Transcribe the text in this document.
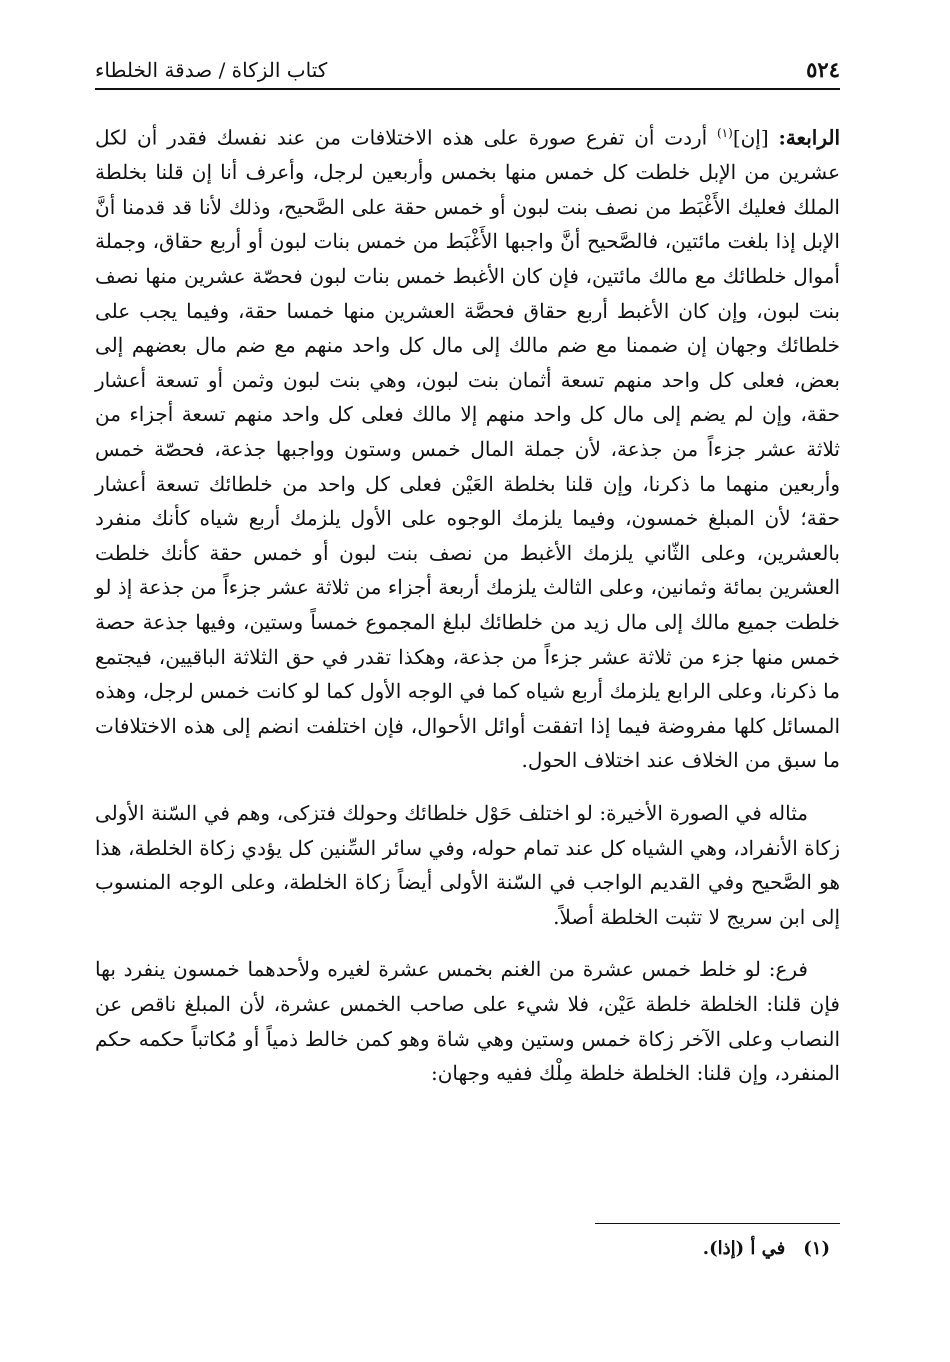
٥٢٤
كتاب الزكاة / صدقة الخلطاء

الرابعة: [إن]$^{(١)}$ أردت أن تفرع صورة على هذه الاختلافات من عند نفسك فقدر أن لكل عشرين من الإبل خلطت كل خمس منها بخمس وأربعين لرجل، وأعرف أنا إن قلنا بخلطة الملك فعليك الأَغْبَط من نصف بنت لبون أو خمس حقة على الصَّحيح، وذلك لأنا قد قدمنا أنَّ الإبل إذا بلغت مائتين، فالصَّحيح أنَّ واجبها الأَغْبَط من خمس بنات لبون أو أربع حقاق، وجملة أموال خلطائك مع مالك مائتين، فإن كان الأغبط خمس بنات لبون فحصّة عشرين منها نصف بنت لبون، وإن كان الأغبط أربع حقاق فحصَّة العشرين منها خمسا حقة، وفيما يجب على خلطائك وجهان إن ضممنا مع ضم مالك إلى مال كل واحد منهم مع ضم مال بعضهم إلى بعض، فعلى كل واحد منهم تسعة أثمان بنت لبون، وهي بنت لبون وثمن أو تسعة أعشار حقة، وإن لم يضم إلى مال كل واحد منهم إلا مالك فعلى كل واحد منهم تسعة أجزاء من ثلاثة عشر جزءاً من جذعة، لأن جملة المال خمس وستون وواجبها جذعة، فحصّة خمس وأربعين منهما ما ذكرنا، وإن قلنا بخلطة العَيْن فعلى كل واحد من خلطائك تسعة أعشار حقة؛ لأن المبلغ خمسون، وفيما يلزمك الوجوه على الأول يلزمك أربع شياه كأنك منفرد بالعشرين، وعلى الثّاني يلزمك الأغبط من نصف بنت لبون أو خمس حقة كأنك خلطت العشرين بمائة وثمانين، وعلى الثالث يلزمك أربعة أجزاء من ثلاثة عشر جزءاً من جذعة إذ لو خلطت جميع مالك إلى مال زيد من خلطائك لبلغ المجموع خمساً وستين، وفيها جذعة حصة خمس منها جزء من ثلاثة عشر جزءاً من جذعة، وهكذا تقدر في حق الثلاثة الباقيين، فيجتمع ما ذكرنا، وعلى الرابع يلزمك أربع شياه كما في الوجه الأول كما لو كانت خمس لرجل، وهذه المسائل كلها مفروضة فيما إذا اتفقت أوائل الأحوال، فإن اختلفت انضم إلى هذه الاختلافات ما سبق من الخلاف عند اختلاف الحول.

مثاله في الصورة الأخيرة: لو اختلف حَوْل خلطائك وحولك فتزكى، وهم في السّنة الأولى زكاة الأنفراد، وهي الشياه كل عند تمام حوله، وفي سائر السِّنين كل يؤدي زكاة الخلطة، هذا هو الصَّحيح وفي القديم الواجب في السّنة الأولى أيضاً زكاة الخلطة، وعلى الوجه المنسوب إلى ابن سريج لا تثبت الخلطة أصلاً.

فرع: لو خلط خمس عشرة من الغنم بخمس عشرة لغيره ولأحدهما خمسون ينفرد بها فإن قلنا: الخلطة خلطة عَيْن، فلا شيء على صاحب الخمس عشرة، لأن المبلغ ناقص عن النصاب وعلى الآخر زكاة خمس وستين وهي شاة وهو كمن خالط ذمياً أو مُكاتباً حكمه حكم المنفرد، وإن قلنا: الخلطة خلطة مِلْك ففيه وجهان:

(١)في أ (إذا).
